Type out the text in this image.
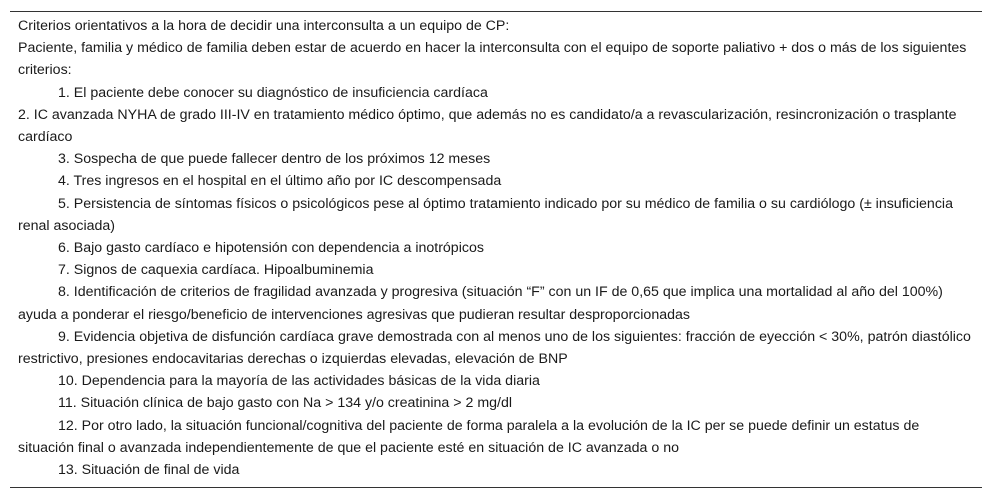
Criterios orientativos a la hora de decidir una interconsulta a un equipo de CP:

Paciente, familia y médico de familia deben estar de acuerdo en hacer la interconsulta con el equipo de soporte paliativo + dos o más de los siguientes criterios:

1. El paciente debe conocer su diagnóstico de insuficiencia cardíaca

2. IC avanzada NYHA de grado III-IV en tratamiento médico óptimo, que además no es candidato/a a revascularización, resincronización o trasplante cardíaco

3. Sospecha de que puede fallecer dentro de los próximos 12 meses

4. Tres ingresos en el hospital en el último año por IC descompensada

5. Persistencia de síntomas físicos o psicológicos pese al óptimo tratamiento indicado por su médico de familia o su cardiólogo (± insuficiencia renal asociada)

6. Bajo gasto cardíaco e hipotensión con dependencia a inotrópicos

7. Signos de caquexia cardíaca. Hipoalbuminemia

8. Identificación de criterios de fragilidad avanzada y progresiva (situación “F” con un IF de 0,65 que implica una mortalidad al año del 100%) ayuda a ponderar el riesgo/beneficio de intervenciones agresivas que pudieran resultar desproporcionadas

9. Evidencia objetiva de disfunción cardíaca grave demostrada con al menos uno de los siguientes: fracción de eyección < 30%, patrón diastólico restrictivo, presiones endocavitarias derechas o izquierdas elevadas, elevación de BNP

10. Dependencia para la mayoría de las actividades básicas de la vida diaria

11. Situación clínica de bajo gasto con Na > 134 y/o creatinina > 2 mg/dl

12. Por otro lado, la situación funcional/cognitiva del paciente de forma paralela a la evolución de la IC per se puede definir un estatus de situación final o avanzada independientemente de que el paciente esté en situación de IC avanzada o no

13. Situación de final de vida
